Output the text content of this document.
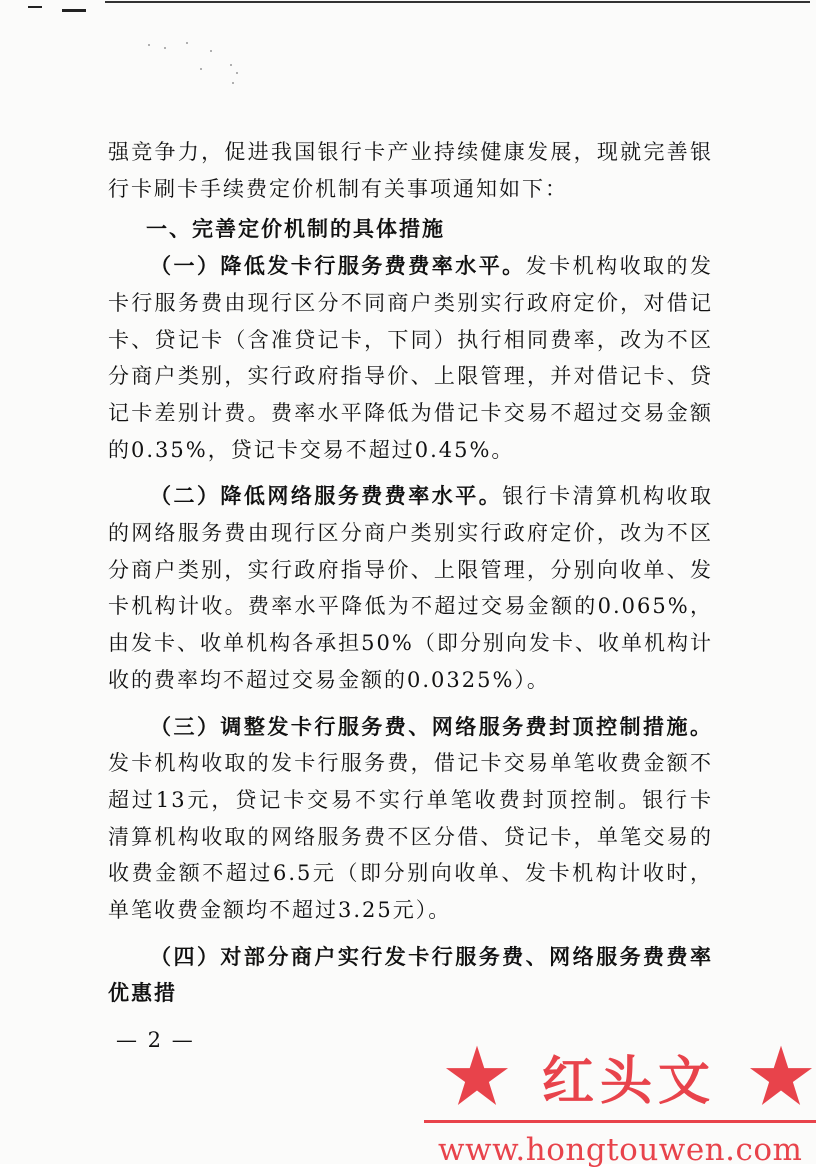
强竞争力，促进我国银行卡产业持续健康发展，现就完善银行卡刷卡手续费定价机制有关事项通知如下：

一、完善定价机制的具体措施

（一）降低发卡行服务费费率水平。发卡机构收取的发卡行服务费由现行区分不同商户类别实行政府定价，对借记卡、贷记卡（含准贷记卡，下同）执行相同费率，改为不区分商户类别，实行政府指导价、上限管理，并对借记卡、贷记卡差别计费。费率水平降低为借记卡交易不超过交易金额的0.35%，贷记卡交易不超过0.45%。

（二）降低网络服务费费率水平。银行卡清算机构收取的网络服务费由现行区分商户类别实行政府定价，改为不区分商户类别，实行政府指导价、上限管理，分别向收单、发卡机构计收。费率水平降低为不超过交易金额的0.065%，由发卡、收单机构各承担50%（即分别向发卡、收单机构计收的费率均不超过交易金额的0.0325%）。

（三）调整发卡行服务费、网络服务费封顶控制措施。发卡机构收取的发卡行服务费，借记卡交易单笔收费金额不超过13元，贷记卡交易不实行单笔收费封顶控制。银行卡清算机构收取的网络服务费不区分借、贷记卡，单笔交易的收费金额不超过6.5元（即分别向收单、发卡机构计收时，单笔收费金额均不超过3.25元）。

（四）对部分商户实行发卡行服务费、网络服务费费率优惠措

— 2 —
红头文
www.hongtouwen.com
